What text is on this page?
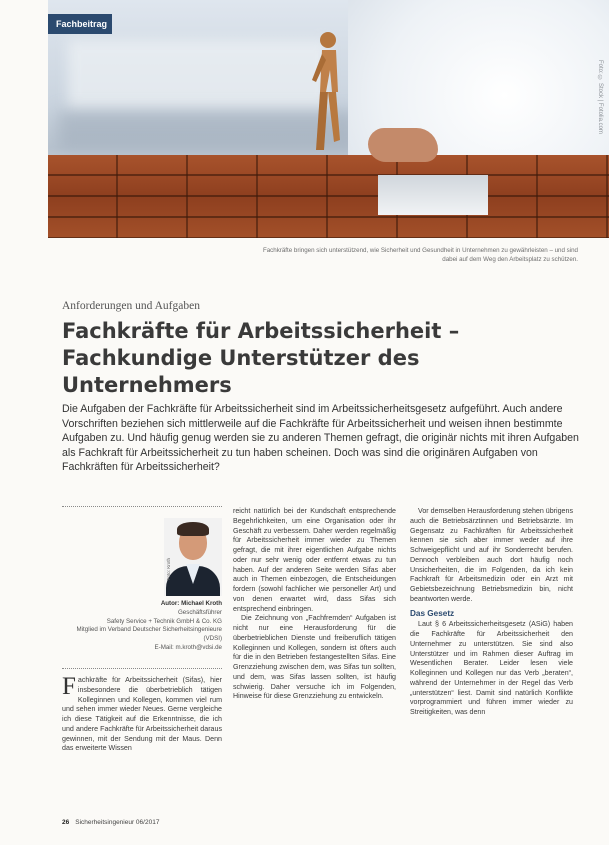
Foto: © Stock | Fotolia.com
Fachbeitrag
Fachkräfte bringen sich unterstützend, wie Sicherheit und Gesundheit in Unternehmen zu gewährleisten – und sind dabei auf dem Weg den Arbeitsplatz zu schützen.
Anforderungen und Aufgaben
Fachkräfte für Arbeitssicherheit –
Fachkundige Unterstützer des Unternehmers
Die Aufgaben der Fachkräfte für Arbeitssicherheit sind im Arbeitssicherheitsgesetz aufgeführt. Auch andere Vorschriften beziehen sich mittlerweile auf die Fachkräfte für Arbeitssicherheit und weisen ihnen bestimmte Aufgaben zu. Und häufig genug werden sie zu anderen Themen gefragt, die originär nichts mit ihren Aufgaben als Fachkraft für Arbeitssicherheit zu tun haben scheinen. Doch was sind die originären Aufgaben von Fachkräften für Arbeitssicherheit?
Foto: Kroth
Autor: Michael Kroth
Geschäftsführer
Safety Service + Technik GmbH & Co. KG
Mitglied im Verband Deutscher Sicherheitsingenieure (VDSI)
E-Mail: m.kroth@vdsi.de
Fachkräfte für Arbeitssicherheit (Sifas), hier insbesondere die überbetrieblich tätigen Kolleginnen und Kollegen, kommen viel rum und sehen immer wieder Neues. Gerne vergleiche ich diese Tätigkeit auf die Erkenntnisse, die ich und andere Fachkräfte für Arbeitssicherheit daraus gewinnen, mit der Sendung mit der Maus. Denn das erweiterte Wissen

reicht natürlich bei der Kundschaft entsprechende Begehrlichkeiten, um eine Organisation oder ihr Geschäft zu verbessern. Daher werden regelmäßig für Arbeitssicherheit immer wieder zu Themen gefragt, die mit ihrer eigentlichen Aufgabe nichts oder nur sehr wenig oder entfernt etwas zu tun haben. Auf der anderen Seite werden Sifas aber auch in Themen einbezogen, die Entscheidungen fordern (sowohl fachlicher wie personeller Art) und von denen erwartet wird, dass Sifas sich entsprechend einbringen.

Die Zeichnung von „Fachfremden“ Aufgaben ist nicht nur eine Herausforderung für die überbetrieblichen Dienste und freiberuflich tätigen Kolleginnen und Kollegen, sondern ist öfters auch für die in den Betrieben festangestellten Sifas. Eine Grenzziehung zwischen dem, was Sifas tun sollten, und dem, was Sifas lassen sollten, ist häufig schwierig. Daher versuche ich im Folgenden, Hinweise für diese Grenzziehung zu entwickeln.

Vor demselben Herausforderung stehen übrigens auch die Betriebsärztinnen und Betriebsärzte. Im Gegensatz zu Fachkräften für Arbeitssicherheit kennen sie sich aber immer weder auf ihre Schweigepflicht und auf ihr Sonderrecht berufen. Dennoch verbleiben auch dort häufig noch Unsicherheiten, die im Folgenden, da ich kein Fachkraft für Arbeitsmedizin oder ein Arzt mit Gebietsbezeichnung Betriebsmedizin bin, nicht beantworten werde.

Das Gesetz

Laut § 6 Arbeitssicherheitsgesetz (ASiG) haben die Fachkräfte für Arbeitssicherheit den Unternehmer zu unterstützen. Sie sind also Unterstützer und im Rahmen dieser Auftrag im Wesentlichen Berater. Leider lesen viele Kolleginnen und Kollegen nur das Verb „beraten“, während der Unternehmer in der Regel das Verb „unterstützen“ liest. Damit sind natürlich Konflikte vorprogrammiert und führen immer wieder zu Streitigkeiten, was denn

26 Sicherheitsingenieur 06/2017
